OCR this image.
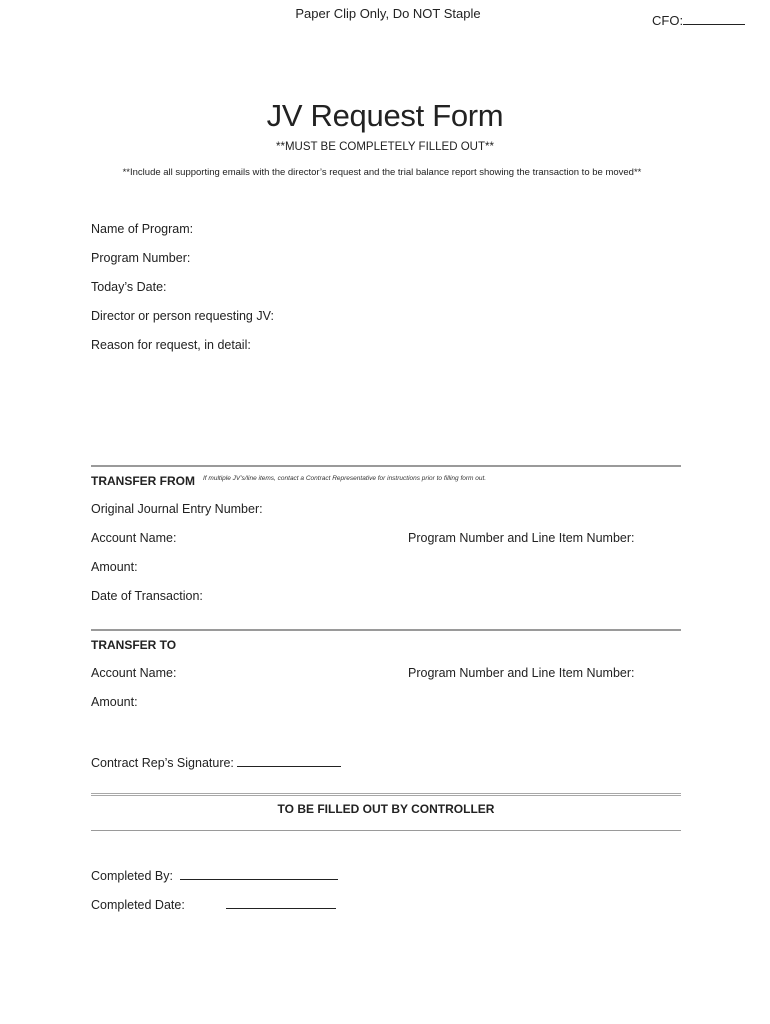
Paper Clip Only, Do NOT Staple	CFO:
JV Request Form
**MUST BE COMPLETELY FILLED OUT**
**Include all supporting emails with the director’s request and the trial balance report showing the transaction to be moved**
Name of Program:
Program Number:
Today’s Date:
Director or person requesting JV:
Reason for request, in detail:
TRANSFER FROM If multiple JV’s/line items, contact a Contract Representative for instructions prior to filling form out.
Original Journal Entry Number:
Account Name:	Program Number and Line Item Number:
Amount:
Date of Transaction:
TRANSFER TO
Account Name:	Program Number and Line Item Number:
Amount:
Contract Rep’s Signature:
TO BE FILLED OUT BY CONTROLLER
Completed By:
Completed Date:
